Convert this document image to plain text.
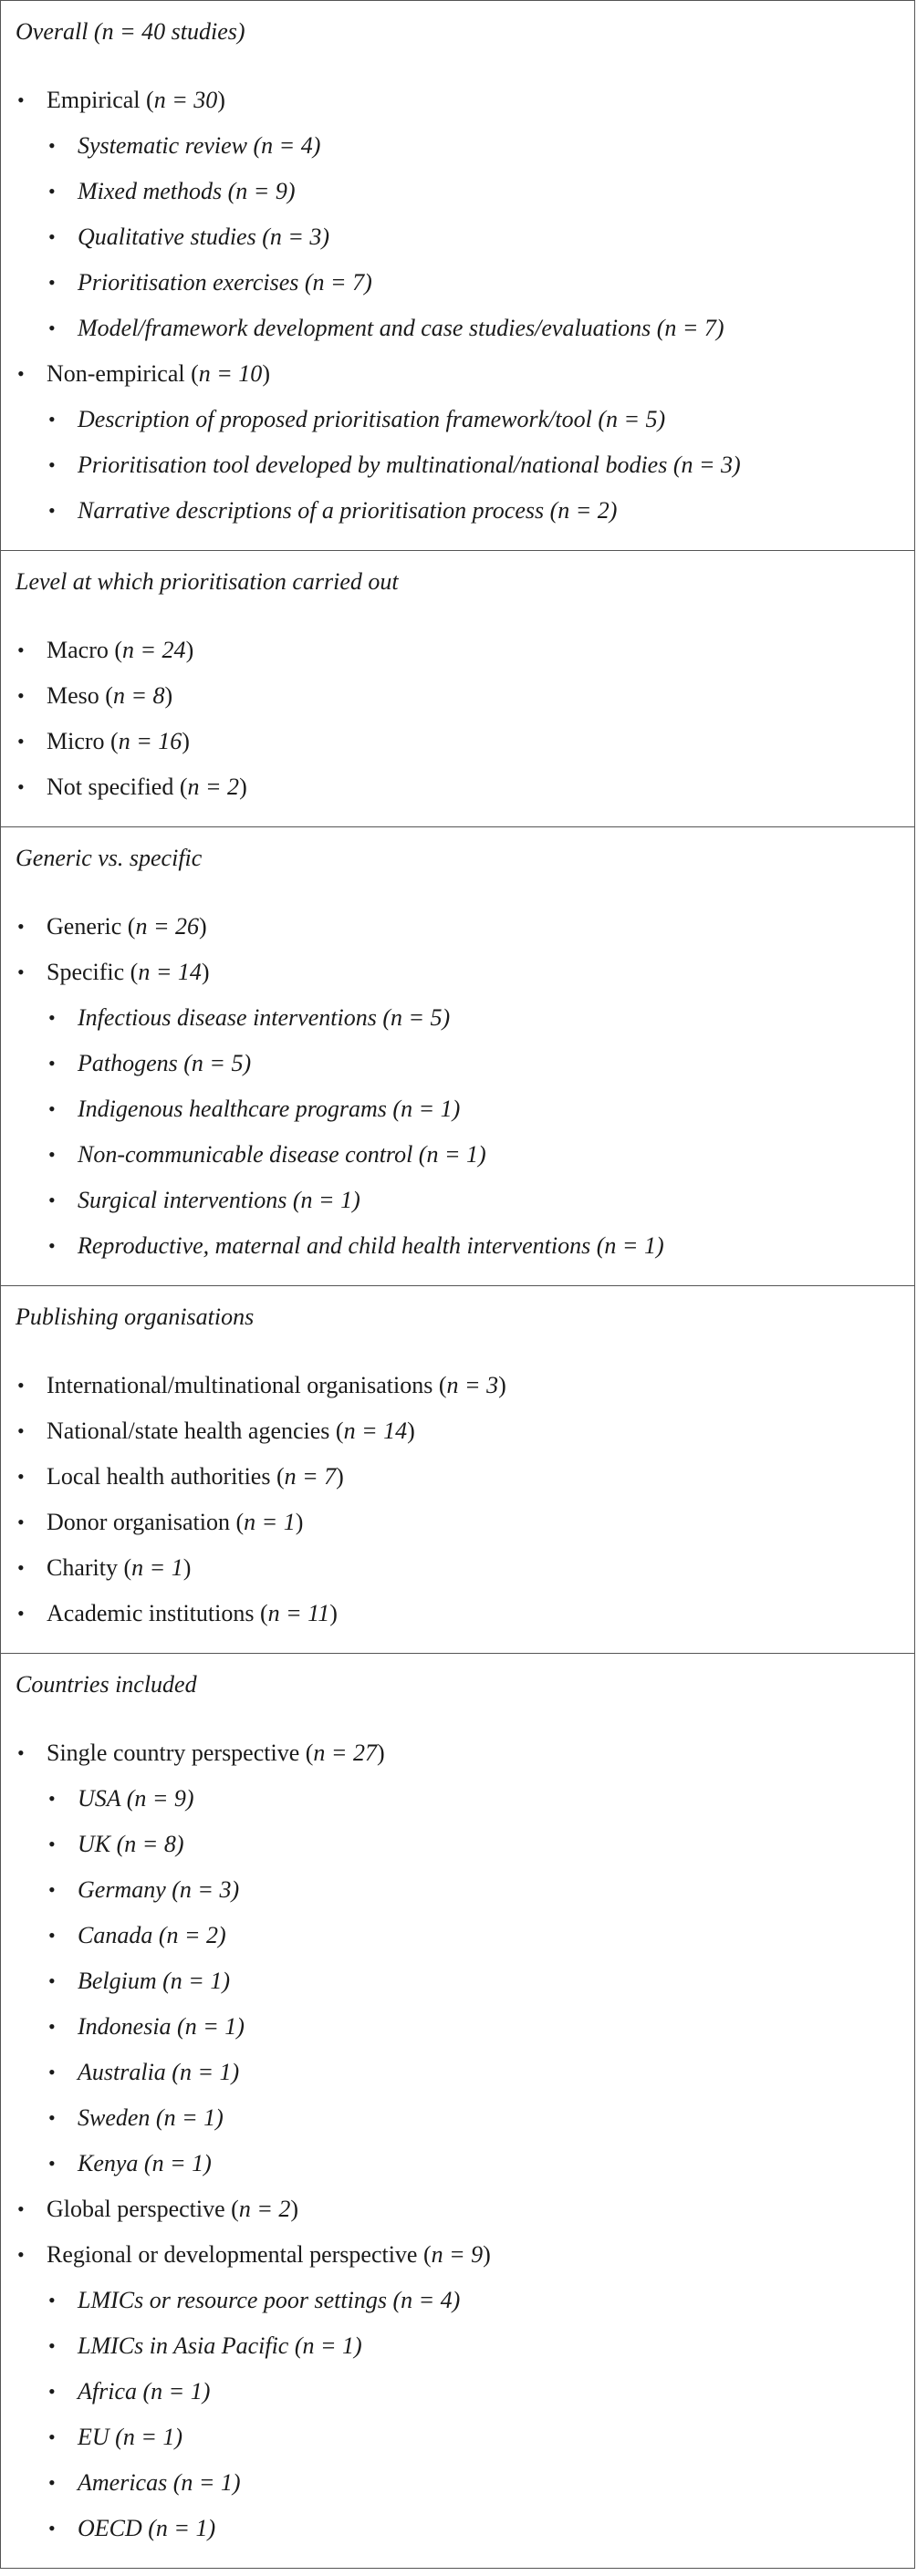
Overall (n = 40 studies)
• Empirical (n = 30)
• Systematic review (n = 4)
• Mixed methods (n = 9)
• Qualitative studies (n = 3)
• Prioritisation exercises (n = 7)
• Model/framework development and case studies/evaluations (n = 7)
• Non-empirical (n = 10)
• Description of proposed prioritisation framework/tool (n = 5)
• Prioritisation tool developed by multinational/national bodies (n = 3)
• Narrative descriptions of a prioritisation process (n = 2)
Level at which prioritisation carried out
• Macro (n = 24)
• Meso (n = 8)
• Micro (n = 16)
• Not specified (n = 2)
Generic vs. specific
• Generic (n = 26)
• Specific (n = 14)
• Infectious disease interventions (n = 5)
• Pathogens (n = 5)
• Indigenous healthcare programs (n = 1)
• Non-communicable disease control (n = 1)
• Surgical interventions (n = 1)
• Reproductive, maternal and child health interventions (n = 1)
Publishing organisations
• International/multinational organisations (n = 3)
• National/state health agencies (n = 14)
• Local health authorities (n = 7)
• Donor organisation (n = 1)
• Charity (n = 1)
• Academic institutions (n = 11)
Countries included
• Single country perspective (n = 27)
• USA (n = 9)
• UK (n = 8)
• Germany (n = 3)
• Canada (n = 2)
• Belgium (n = 1)
• Indonesia (n = 1)
• Australia (n = 1)
• Sweden (n = 1)
• Kenya (n = 1)
• Global perspective (n = 2)
• Regional or developmental perspective (n = 9)
• LMICs or resource poor settings (n = 4)
• LMICs in Asia Pacific (n = 1)
• Africa (n = 1)
• EU (n = 1)
• Americas (n = 1)
• OECD (n = 1)
